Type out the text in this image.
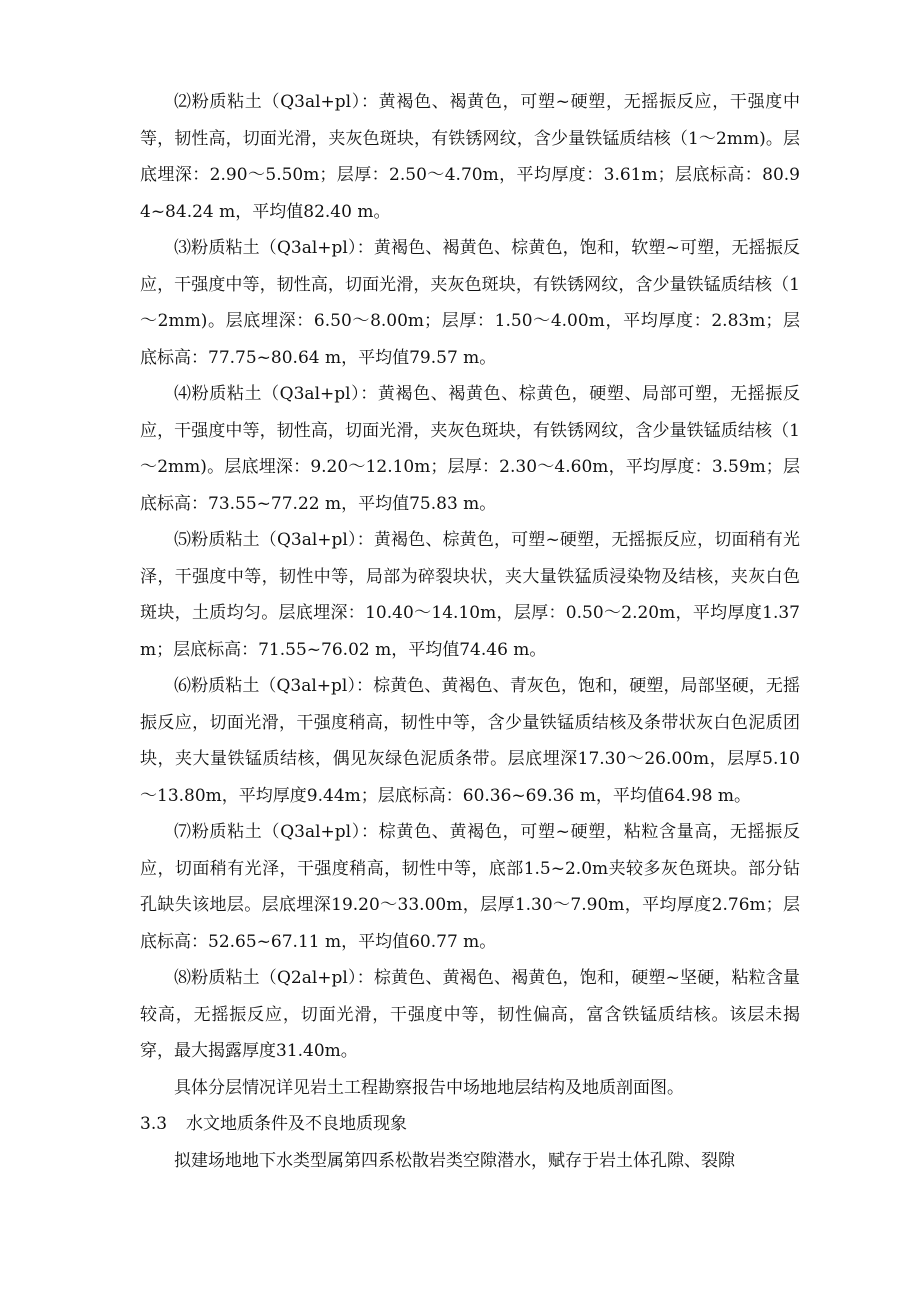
⑵粉质粘土（Q3al+pl）：黄褐色、褐黄色，可塑~硬塑，无摇振反应，干强度中等，韧性高，切面光滑，夹灰色斑块，有铁锈网纹，含少量铁锰质结核（1～2mm)。层底埋深：2.90～5.50m；层厚：2.50～4.70m，平均厚度：3.61m；层底标高：80.94~84.24 m，平均值82.40 m。

⑶粉质粘土（Q3al+pl）：黄褐色、褐黄色、棕黄色，饱和，软塑~可塑，无摇振反应，干强度中等，韧性高，切面光滑，夹灰色斑块，有铁锈网纹，含少量铁锰质结核（1～2mm)。层底埋深：6.50～8.00m；层厚：1.50～4.00m，平均厚度：2.83m；层底标高：77.75~80.64 m，平均值79.57 m。

⑷粉质粘土（Q3al+pl）：黄褐色、褐黄色、棕黄色，硬塑、局部可塑，无摇振反应，干强度中等，韧性高，切面光滑，夹灰色斑块，有铁锈网纹，含少量铁锰质结核（1～2mm)。层底埋深：9.20～12.10m；层厚：2.30～4.60m，平均厚度：3.59m；层底标高：73.55~77.22 m，平均值75.83 m。

⑸粉质粘土（Q3al+pl）：黄褐色、棕黄色，可塑~硬塑，无摇振反应，切面稍有光泽，干强度中等，韧性中等，局部为碎裂块状，夹大量铁猛质浸染物及结核，夹灰白色斑块，土质均匀。层底埋深：10.40～14.10m，层厚：0.50～2.20m，平均厚度1.37m；层底标高：71.55~76.02 m，平均值74.46 m。

⑹粉质粘土（Q3al+pl）：棕黄色、黄褐色、青灰色，饱和，硬塑，局部坚硬，无摇振反应，切面光滑，干强度稍高，韧性中等，含少量铁锰质结核及条带状灰白色泥质团块，夹大量铁锰质结核，偶见灰绿色泥质条带。层底埋深17.30～26.00m，层厚5.10～13.80m，平均厚度9.44m；层底标高：60.36~69.36 m，平均值64.98 m。

⑺粉质粘土（Q3al+pl）：棕黄色、黄褐色，可塑~硬塑，粘粒含量高，无摇振反应，切面稍有光泽，干强度稍高，韧性中等，底部1.5~2.0m夹较多灰色斑块。部分钻孔缺失该地层。层底埋深19.20～33.00m，层厚1.30～7.90m，平均厚度2.76m；层底标高：52.65~67.11 m，平均值60.77 m。

⑻粉质粘土（Q2al+pl）：棕黄色、黄褐色、褐黄色，饱和，硬塑~坚硬，粘粒含量较高，无摇振反应，切面光滑，干强度中等，韧性偏高，富含铁锰质结核。该层未揭穿，最大揭露厚度31.40m。

具体分层情况详见岩土工程勘察报告中场地地层结构及地质剖面图。

3.3 水文地质条件及不良地质现象

拟建场地地下水类型属第四系松散岩类空隙潜水，赋存于岩土体孔隙、裂隙
